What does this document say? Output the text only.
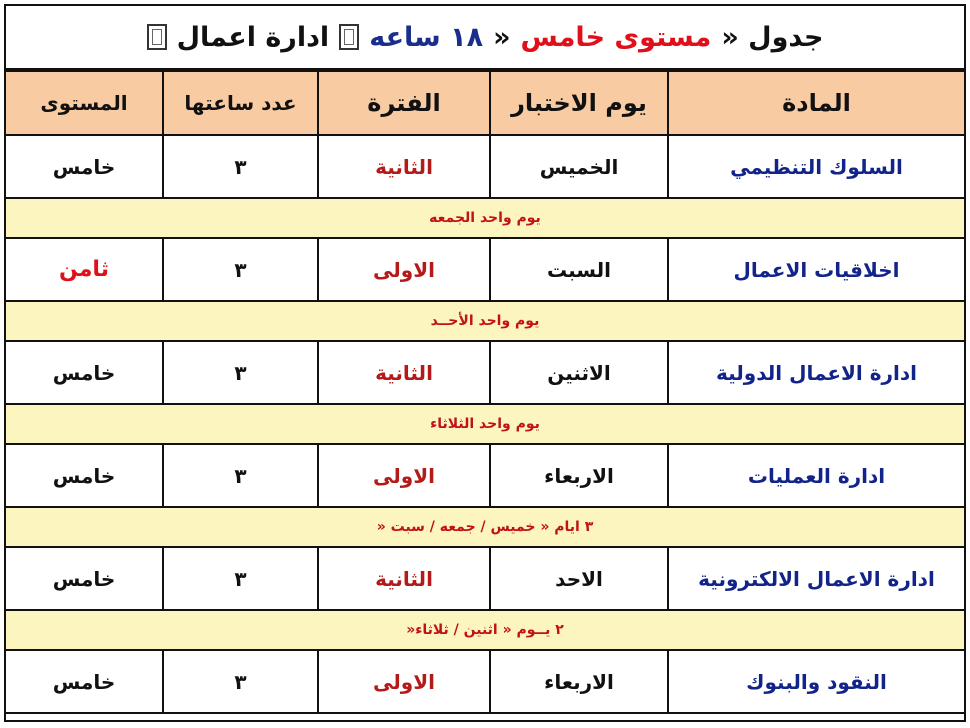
جدول «
مستوى خامس
«
١٨ ساعه
ادارة اعمال
المادة	يوم الاختبار	الفترة	عدد ساعتها	المستوى
السلوك التنظيمي	الخميس	الثانية	٣	خامس
يوم واحد الجمعه				
اخلاقيات الاعمال	السبت	الاولى	٣	ثامن
يوم واحد الأحــد				
ادارة الاعمال الدولية	الاثنين	الثانية	٣	خامس
يوم واحد الثلاثاء				
ادارة العمليات	الاربعاء	الاولى	٣	خامس
٣ ايام « خميس / جمعه / سبت «				
ادارة الاعمال الالكترونية	الاحد	الثانية	٣	خامس
٢ يــوم « اثنين / ثلاثاء«				
النقود والبنوك	الاربعاء	الاولى	٣	خامس
